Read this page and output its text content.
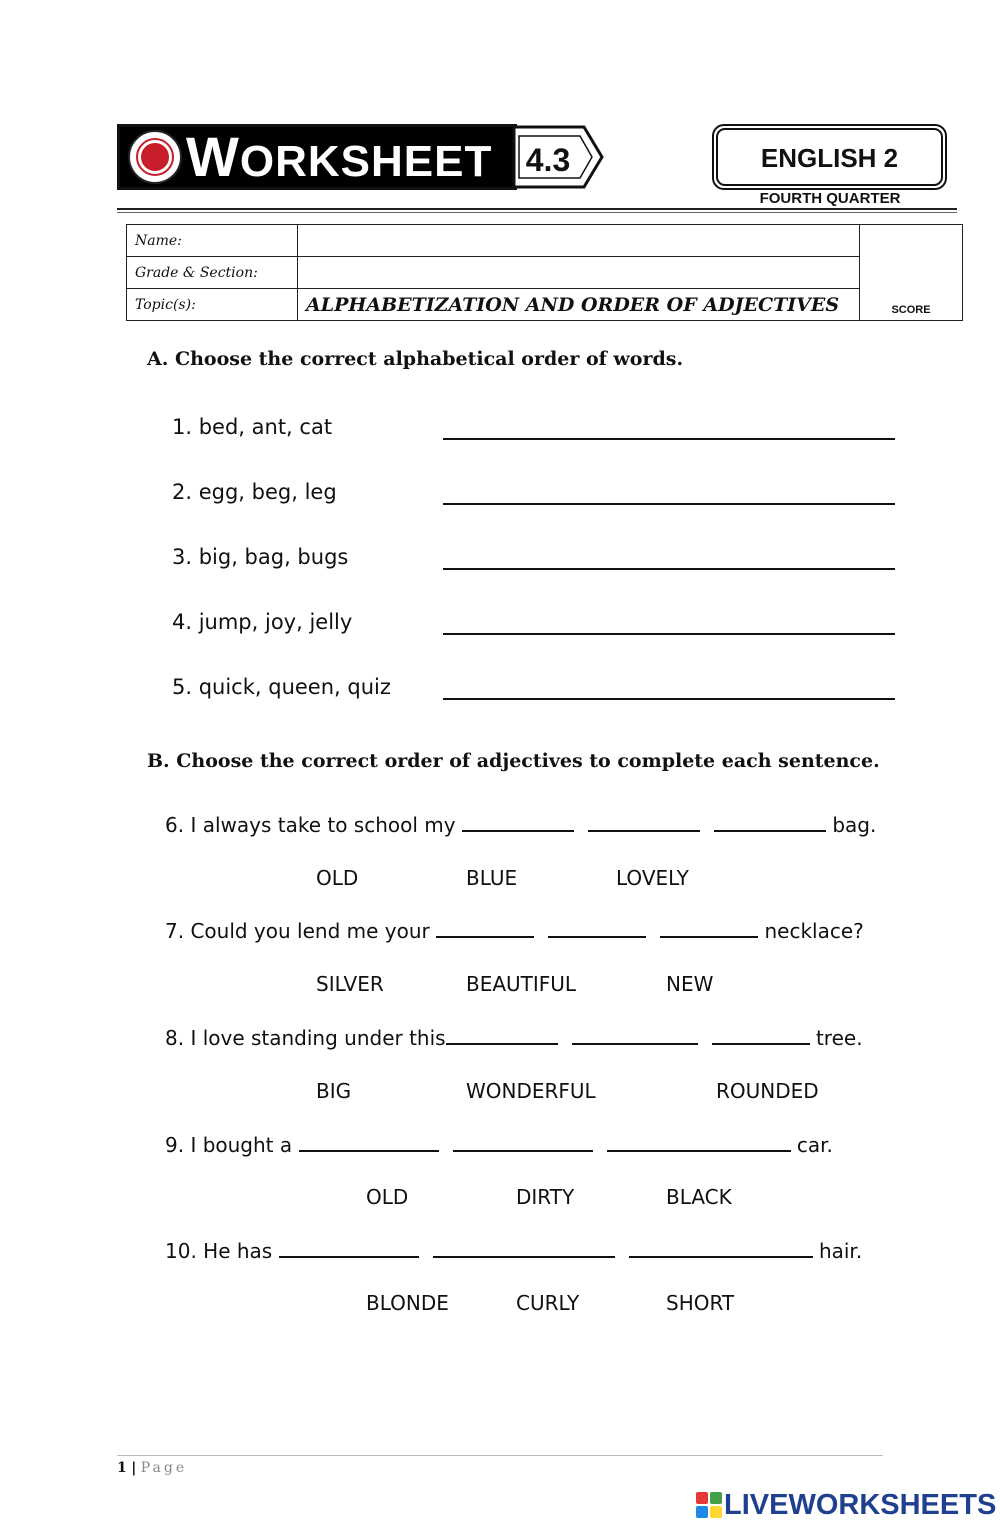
WORKSHEET 4.3	ENGLISH 2
FOURTH QUARTER
Name:		SCORE
Grade & Section:		
Topic(s):	ALPHABETIZATION AND ORDER OF ADJECTIVES	
A. Choose the correct alphabetical order of words.
1. bed, ant, cat
2. egg, beg, leg
3. big, bag, bugs
4. jump, joy, jelly
5. quick, queen, quiz
B. Choose the correct order of adjectives to complete each sentence.
6. I always take to school my	bag.
OLD	BLUE	LOVELY
7. Could you lend me your	necklace?
SILVER	BEAUTIFUL	NEW
8. I love standing under this	tree.
BIG	WONDERFUL	ROUNDED
9. I bought a	car.
OLD	DIRTY	BLACK
10. He has	hair.
BLONDE	CURLY	SHORT
1 | Page
LIVEWORKSHEETS
